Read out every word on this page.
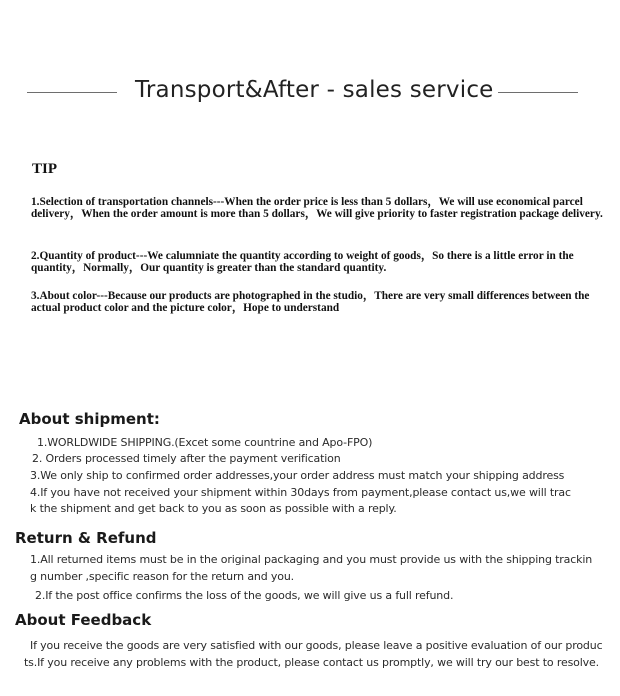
Transport&After - sales service
TIP
1.Selection of transportation channels---When the order price is less than 5 dollars，We will use economical parcel delivery，When the order amount is more than 5 dollars，We will give priority to faster registration package delivery.
2.Quantity of product---We calumniate the quantity according to weight of goods，So there is a little error in the quantity，Normally，Our quantity is greater than the standard quantity.
3.About color---Because our products are photographed in the studio，There are very small differences between the actual product color and the picture color，Hope to understand
About shipment:
1.WORLDWIDE SHIPPING.(Excet some countrine and Apo-FPO)
2. Orders processed timely after the payment verification
3.We only ship to confirmed order addresses,your order address must match your shipping address
4.If you have not received your shipment within 30days from payment,please contact us,we will trac
k the shipment and get back to you as soon as possible with a reply.
Return & Refund
1.All returned items must be in the original packaging and you must provide us with the shipping trackin
g number ,specific reason for the return and you.
2.If the post office confirms the loss of the goods, we will give us a full refund.
About Feedback
If you receive the goods are very satisfied with our goods, please leave a positive evaluation of our produc
ts.If you receive any problems with the product, please contact us promptly, we will try our best to resolve.
